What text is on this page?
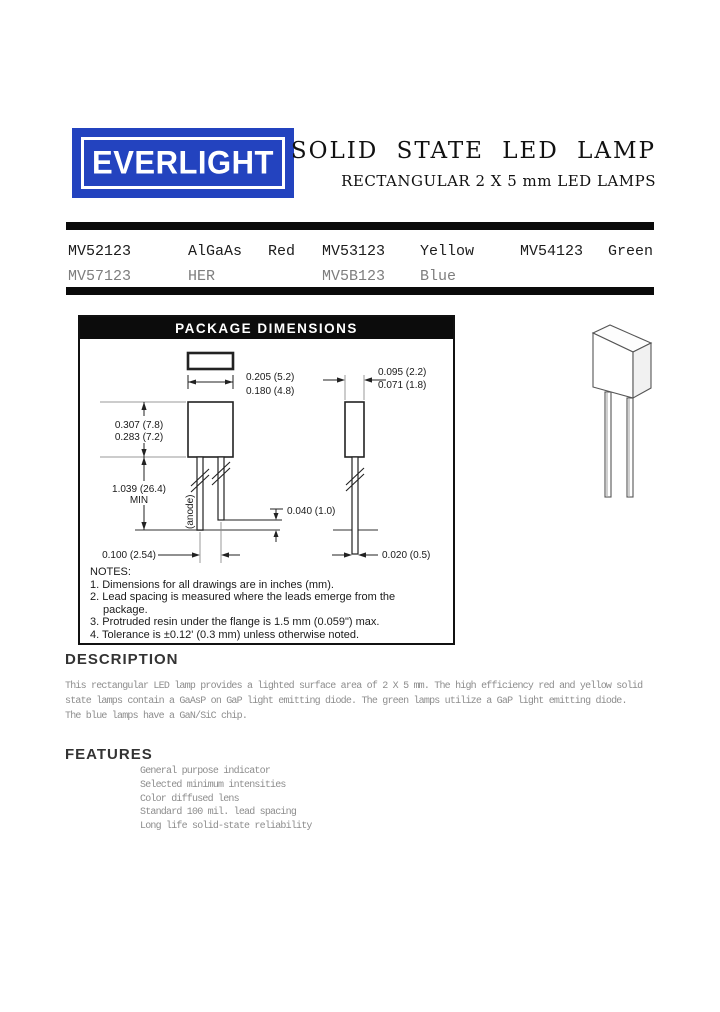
EVERLIGHT SOLID STATE LED LAMP
RECTANGULAR 2 X 5 mm LED LAMPS
MV52123	AlGaAs Red MV53123 Yellow	MV54123 Green
MV57123	HER	MV5B123 Blue
PACKAGE DIMENSIONS
0.205 (5.2)
0.180 (4.8)
0.307 (7.8)
0.283 (7.2)
1.039 (26.4)
MIN
0.040 (1.0)
0.100 (2.54)
0.095 (2.2)
0.071 (1.8)
0.020 (0.5)
(anode)
NOTES:
1. Dimensions for all drawings are in inches (mm).
2. Lead spacing is measured where the leads emerge from the
package.
3. Protruded resin under the flange is 1.5 mm (0.059") max.
4. Tolerance is ±0.12' (0.3 mm) unless otherwise noted.
DESCRIPTION
This rectangular LED lamp provides a lighted surface area of 2 X 5 mm. The high efficiency red and yellow solid
state lamps contain a GaAsP on GaP light emitting diode. The green lamps utilize a GaP light emitting diode.
The blue lamps have a GaN/SiC chip.
FEATURES
General purpose indicator
Selected minimum intensities
Color diffused lens
Standard 100 mil. lead spacing
Long life solid-state reliability
